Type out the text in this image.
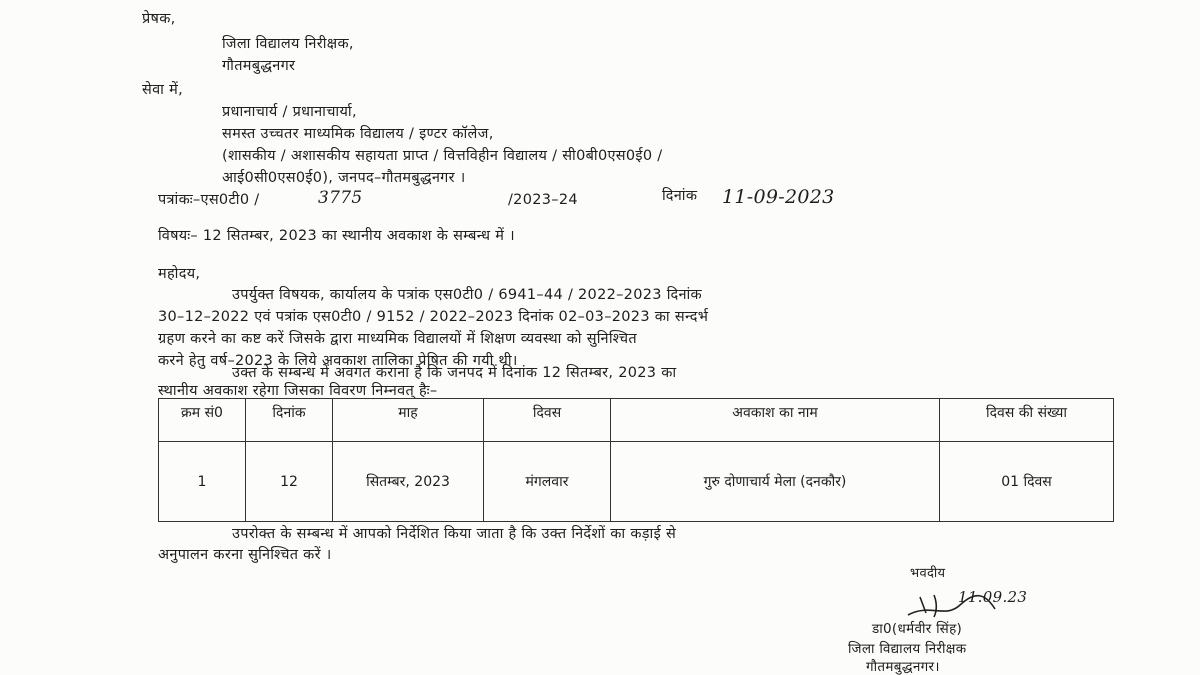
प्रेषक,
जिला विद्यालय निरीक्षक,
गौतमबुद्धनगर
सेवा में,
प्रधानाचार्य / प्रधानाचार्या,
समस्त उच्चतर माध्यमिक विद्यालय / इण्टर कॉलेज,
(शासकीय / अशासकीय सहायता प्राप्त / वित्तविहीन विद्यालय / सी0बी0एस0ई0 /
आई0सी0एस0ई0), जनपद–गौतमबुद्धनगर ।
पत्रांकः–एस0टी0 /	3775	/2023–24	दिनांक 11-09-2023
विषयः– 12 सितम्बर, 2023 का स्थानीय अवकाश के सम्बन्ध में ।
महोदय,
उपर्युक्त विषयक, कार्यालय के पत्रांक एस0टी0 / 6941–44 / 2022–2023 दिनांक
30–12–2022 एवं पत्रांक एस0टी0 / 9152 / 2022–2023 दिनांक 02–03–2023 का सन्दर्भ
ग्रहण करने का कष्ट करें जिसके द्वारा माध्यमिक विद्यालयों में शिक्षण व्यवस्था को सुनिश्चित
करने हेतु वर्ष–2023 के लिये अवकाश तालिका प्रेषित की गयी थी।
उक्त के सम्बन्ध में अवगत कराना है कि जनपद में दिनांक 12 सितम्बर, 2023 का
स्थानीय अवकाश रहेगा जिसका विवरण निम्नवत् हैः–
क्रम सं0	दिनांक	माह	दिवस	अवकाश का नाम	दिवस की संख्या
1	12	सितम्बर, 2023	मंगलवार	गुरु दोणाचार्य मेला (दनकौर)	01 दिवस
उपरोक्त के सम्बन्ध में आपको निर्देशित किया जाता है कि उक्त निर्देशों का कड़ाई से
अनुपालन करना सुनिश्चित करें ।
भवदीय
11.09.23
डा0(धर्मवीर सिंह)
जिला विद्यालय निरीक्षक
गौतमबुद्धनगर।
